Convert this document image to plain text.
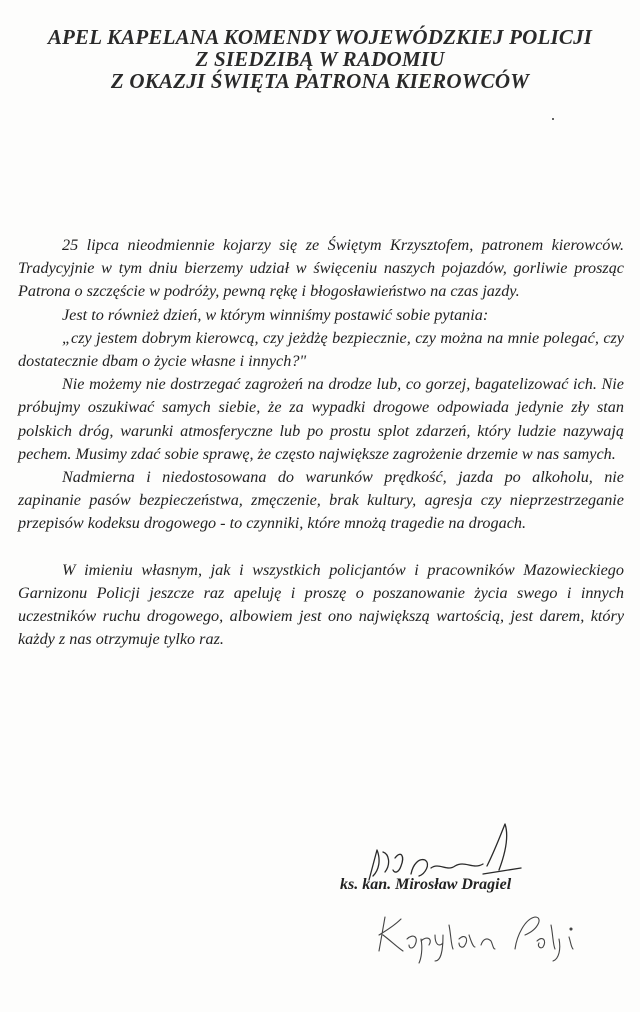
APEL KAPELANA KOMENDY WOJEWÓDZKIEJ POLICJI
Z SIEDZIBĄ W RADOMIU
Z OKAZJI ŚWIĘTA PATRONA KIEROWCÓW

25 lipca nieodmiennie kojarzy się ze Świętym Krzysztofem, patronem kierowców. Tradycyjnie w tym dniu bierzemy udział w święceniu naszych pojazdów, gorliwie prosząc Patrona o szczęście w podróży, pewną rękę i błogosławieństwo na czas jazdy.

Jest to również dzień, w którym winniśmy postawić sobie pytania:

„czy jestem dobrym kierowcą, czy jeżdżę bezpiecznie, czy można na mnie polegać, czy dostatecznie dbam o życie własne i innych?"

Nie możemy nie dostrzegać zagrożeń na drodze lub, co gorzej, bagatelizować ich. Nie próbujmy oszukiwać samych siebie, że za wypadki drogowe odpowiada jedynie zły stan polskich dróg, warunki atmosferyczne lub po prostu splot zdarzeń, który ludzie nazywają pechem. Musimy zdać sobie sprawę, że często największe zagrożenie drzemie w nas samych.

Nadmierna i niedostosowana do warunków prędkość, jazda po alkoholu, nie zapinanie pasów bezpieczeństwa, zmęczenie, brak kultury, agresja czy nieprzestrzeganie przepisów kodeksu drogowego - to czynniki, które mnożą tragedie na drogach.

W imieniu własnym, jak i wszystkich policjantów i pracowników Mazowieckiego Garnizonu Policji jeszcze raz apeluję i proszę o poszanowanie życia swego i innych uczestników ruchu drogowego, albowiem jest ono największą wartością, jest darem, który każdy z nas otrzymuje tylko raz.

ks. kan. Mirosław Dragiel
